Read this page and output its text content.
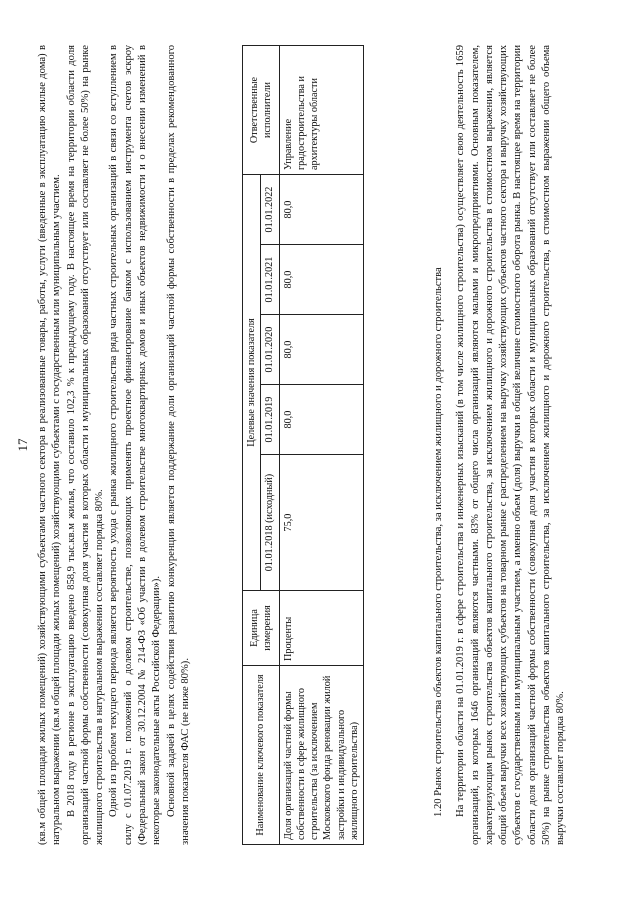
17 (кв.м общей площади жилых помещений) хозяйствующими субъектами частного сектора в реализованные товары, работы, услуги (введенные в эксплуатацию жилые дома) в натуральном выражении (кв.м общей площади жилых помещений) хозяйствующими субъектами с государственным или муниципальным участием. В 2018 году в регионе в эксплуатацию введено 858,9 тыс.кв.м жилья, что составило 102,3 % к предыдущему году. В настоящее время на территории области доля организаций частной формы собственности (совокупная доля участия в которых области и муниципальных образований отсутствует или составляет не более 50%) на рынке жилищного строительства в натуральном выражении составляет порядка 80%. Одной из проблем текущего периода является вероятность ухода с рынка жилищного строительства ряда частных строительных организаций в связи со вступлением в силу с 01.07.2019 г. положений о долевом строительстве, позволяющих применять проектное финансирование банком с использованием инструмента счетов эскроу (Федеральный закон от 30.12.2004 № 214-ФЗ «Об участии в долевом строительстве многоквартирных домов и иных объектов недвижимости и о внесении изменений в некоторые законодательные акты Российской Федерации»). Основной задачей в целях содействия развитию конкуренции является поддержание доли организаций частной формы собственности в пределах рекомендованного значения показателя ФАС (не ниже 80%).	Наименование ключевого показателя	Единица измерения	Целевые значения показателя					Ответственные исполнители
		01.01.2018 (исходный)	01.01.2019	01.01.2020	01.01.2021	01.01.2022	
Доля организаций частной формы собственности в сфере жилищного строительства (за исключением Московского фонда реновации жилой застройки и индивидуального жилищного строительства)	Проценты	75,0	80,0	80,0	80,0	80,0	Управление градостроительства и архитектуры области

1.20 Рынок строительства объектов капитального строительства, за исключением жилищного и дорожного строительства На территории области на 01.01.2019 г. в сфере строительства и инженерных изысканий (в том числе жилищного строительства) осуществляет свою деятельность 1659 организаций, из которых 1646 организаций являются частными. 83% от общего числа организаций являются малыми и микропредприятиями. Основным показателем, характеризующим рынок строительства объектов капитального строительства, за исключением жилищного и дорожного строительства в стоимостном выражении, является общий объем выручки всех хозяйствующих субъектов на товарном рынке с распределением на выручку хозяйствующих субъектов частного сектора и выручку хозяйствующих субъектов с государственным или муниципальным участием, а именно объем (доля) выручки в общей величине стоимостного оборота рынка. В настоящее время на территории области доля организаций частной формы собственности (совокупная доля участия в которых области и муниципальных образований отсутствует или составляет не более 50%) на рынке строительства объектов капитального строительства, за исключением жилищного и дорожного строительства, в стоимостном выражении общего объема выручки составляет порядка 80%.
